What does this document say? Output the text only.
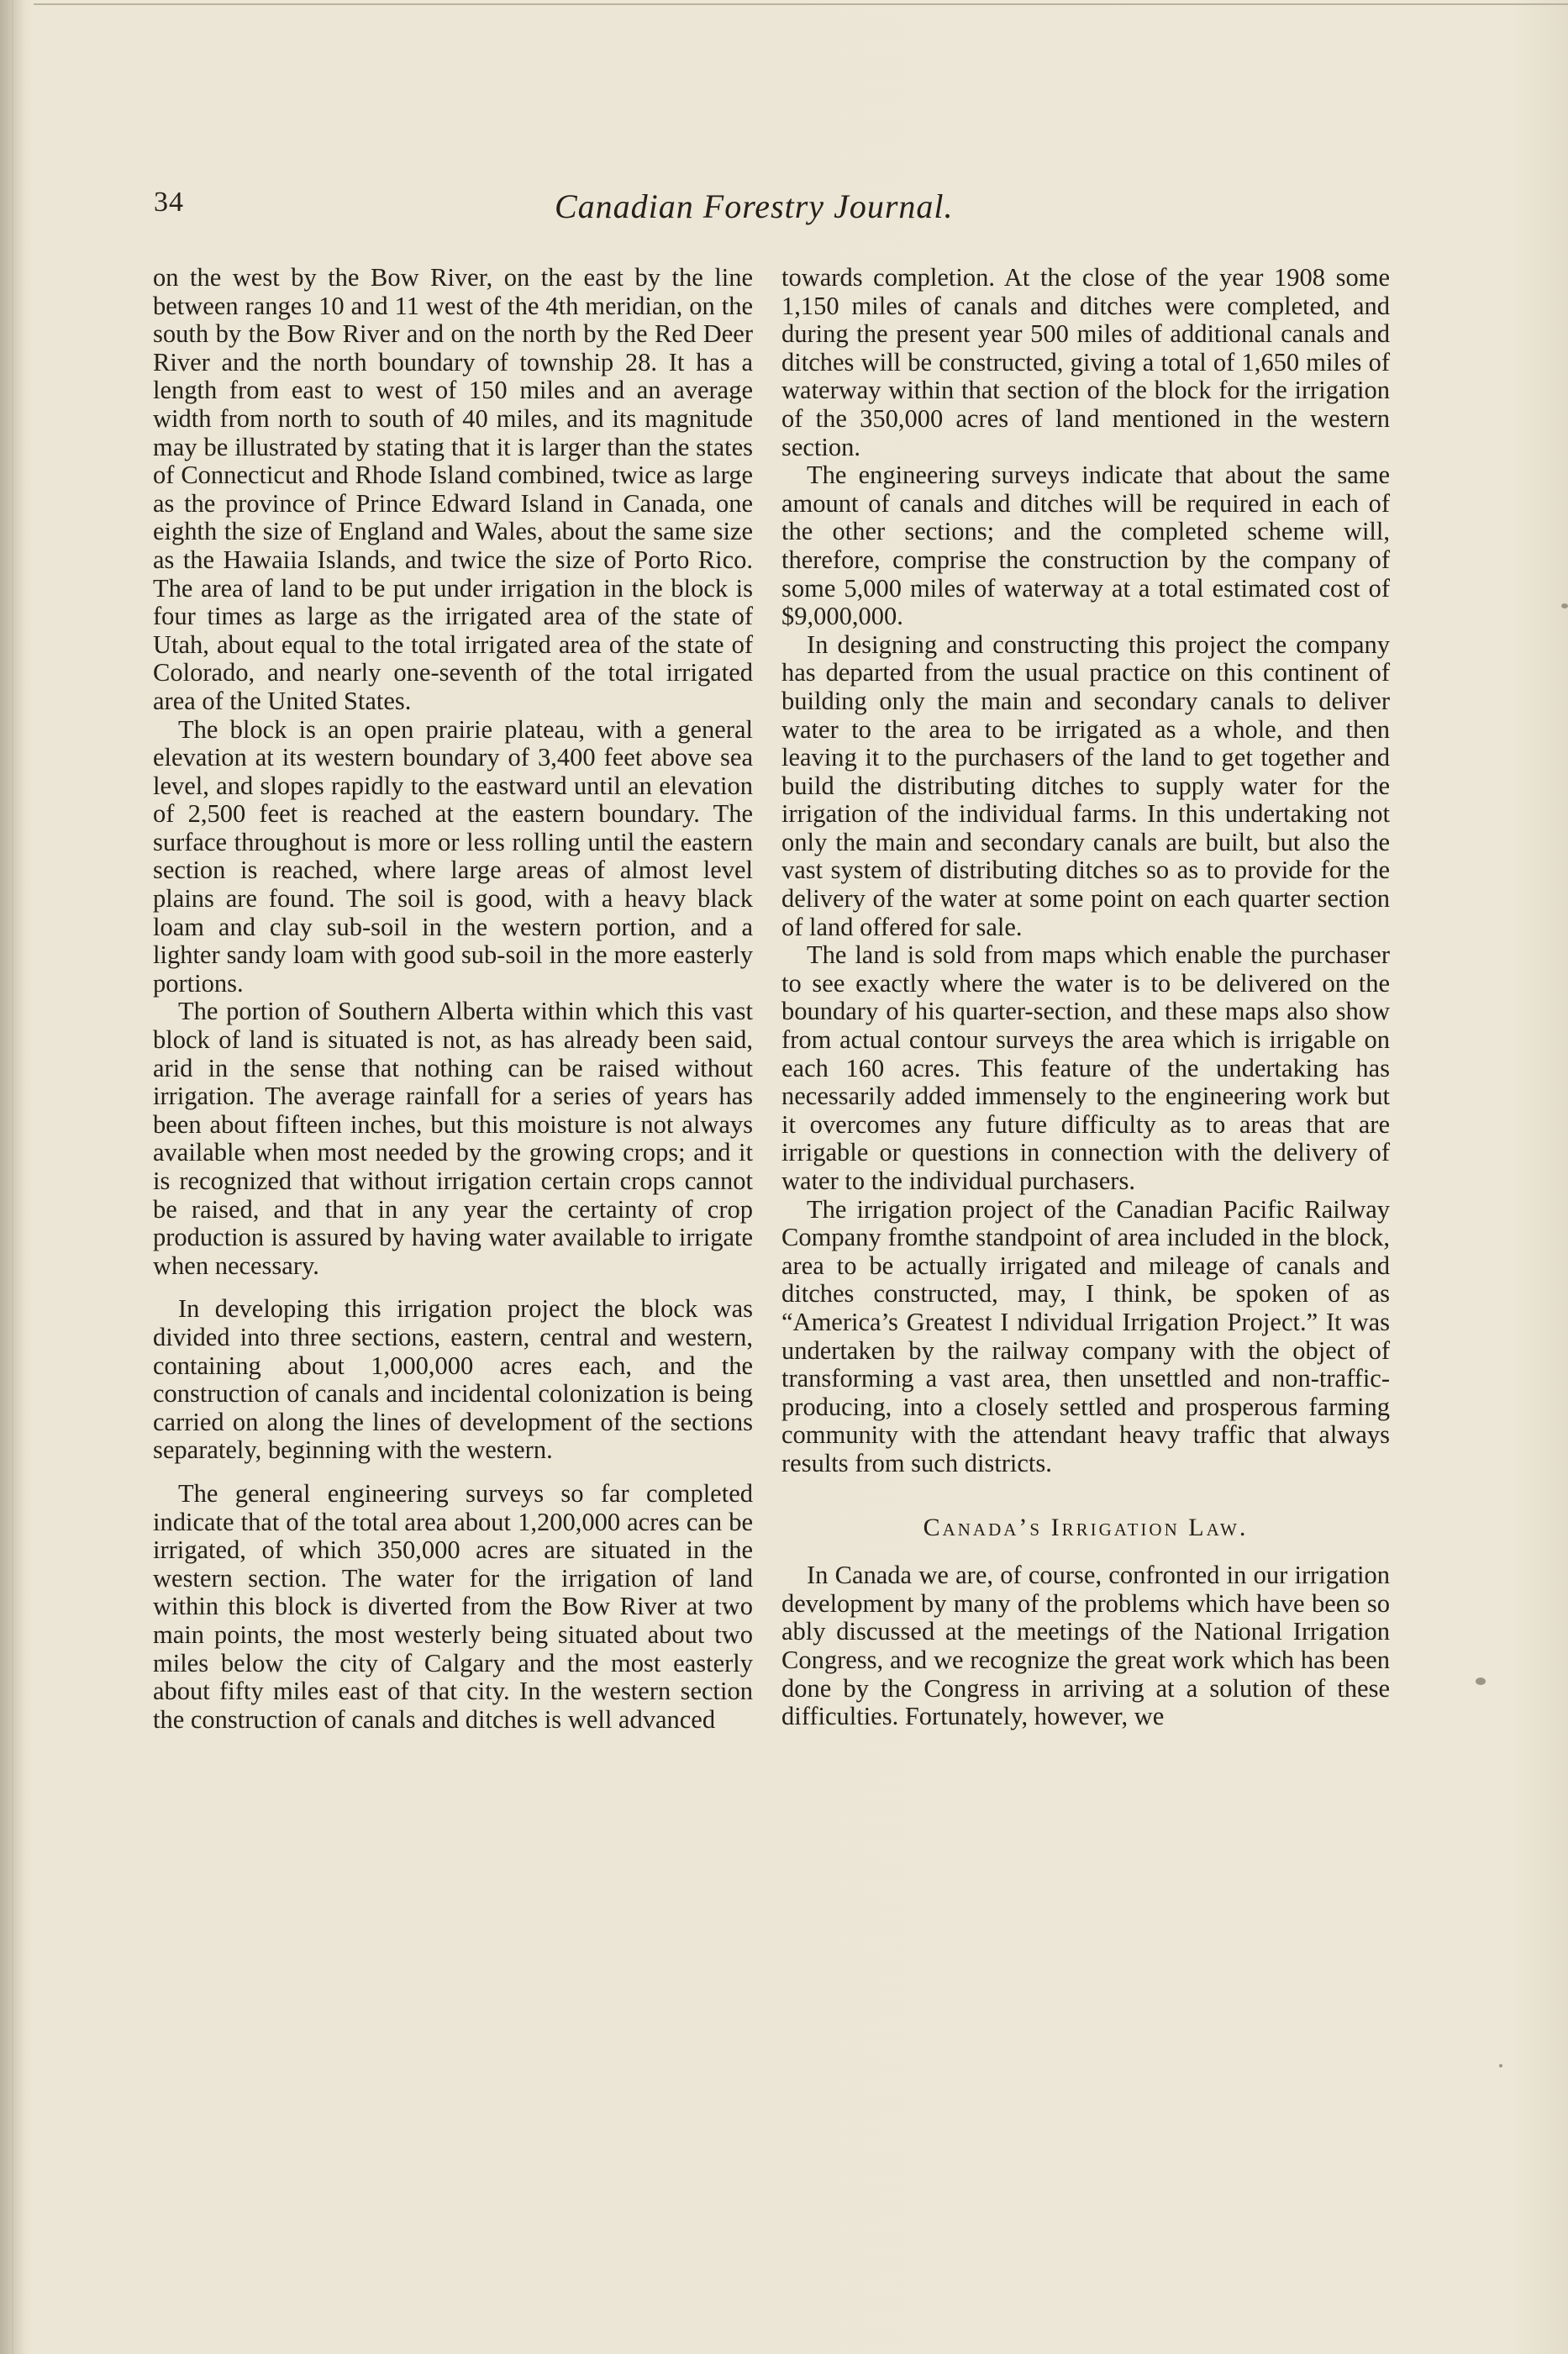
34	Canadian Forestry Journal.

on the west by the Bow River, on the east by the line between ranges 10 and 11 west of the 4th meridian, on the south by the Bow River and on the north by the Red Deer River and the north boundary of township 28. It has a length from east to west of 150 miles and an average width from north to south of 40 miles, and its magnitude may be illustrated by stating that it is larger than the states of Connecticut and Rhode Island combined, twice as large as the province of Prince Edward Island in Canada, one eighth the size of England and Wales, about the same size as the Hawaiia Islands, and twice the size of Porto Rico. The area of land to be put under irrigation in the block is four times as large as the irrigated area of the state of Utah, about equal to the total irrigated area of the state of Colorado, and nearly one-seventh of the total irrigated area of the United States.

The block is an open prairie plateau, with a general elevation at its western boundary of 3,400 feet above sea level, and slopes rapidly to the eastward until an elevation of 2,500 feet is reached at the eastern boundary. The surface throughout is more or less rolling until the eastern section is reached, where large areas of almost level plains are found. The soil is good, with a heavy black loam and clay sub-soil in the western portion, and a lighter sandy loam with good sub-soil in the more easterly portions.

The portion of Southern Alberta within which this vast block of land is situated is not, as has already been said, arid in the sense that nothing can be raised without irrigation. The average rainfall for a series of years has been about fifteen inches, but this moisture is not always available when most needed by the growing crops; and it is recognized that without irrigation certain crops cannot be raised, and that in any year the certainty of crop production is assured by having water available to irrigate when necessary.

In developing this irrigation project the block was divided into three sections, eastern, central and western, containing about 1,000,000 acres each, and the construction of canals and incidental colonization is being carried on along the lines of development of the sections separately, beginning with the western.

The general engineering surveys so far completed indicate that of the total area about 1,200,000 acres can be irrigated, of which 350,000 acres are situated in the western section. The water for the irrigation of land within this block is diverted from the Bow River at two main points, the most westerly being situated about two miles below the city of Calgary and the most easterly about fifty miles east of that city. In the western section the construction of canals and ditches is well advanced

towards completion. At the close of the year 1908 some 1,150 miles of canals and ditches were completed, and during the present year 500 miles of additional canals and ditches will be constructed, giving a total of 1,650 miles of waterway within that section of the block for the irrigation of the 350,000 acres of land mentioned in the western section.

The engineering surveys indicate that about the same amount of canals and ditches will be required in each of the other sections; and the completed scheme will, therefore, comprise the construction by the company of some 5,000 miles of waterway at a total estimated cost of $9,000,000.

In designing and constructing this project the company has departed from the usual practice on this continent of building only the main and secondary canals to deliver water to the area to be irrigated as a whole, and then leaving it to the purchasers of the land to get together and build the distributing ditches to supply water for the irrigation of the individual farms. In this undertaking not only the main and secondary canals are built, but also the vast system of distributing ditches so as to provide for the delivery of the water at some point on each quarter section of land offered for sale.

The land is sold from maps which enable the purchaser to see exactly where the water is to be delivered on the boundary of his quarter-section, and these maps also show from actual contour surveys the area which is irrigable on each 160 acres. This feature of the undertaking has necessarily added immensely to the engineering work but it overcomes any future difficulty as to areas that are irrigable or questions in connection with the delivery of water to the individual purchasers.

The irrigation project of the Canadian Pacific Railway Company fromthe standpoint of area included in the block, area to be actually irrigated and mileage of canals and ditches constructed, may, I think, be spoken of as “America’s Greatest I ndividual Irrigation Project.” It was undertaken by the railway company with the object of transforming a vast area, then unsettled and non-traffic-producing, into a closely settled and prosperous farming community with the attendant heavy traffic that always results from such districts.

Canada’s Irrigation Law.

In Canada we are, of course, confronted in our irrigation development by many of the problems which have been so ably discussed at the meetings of the National Irrigation Congress, and we recognize the great work which has been done by the Congress in arriving at a solution of these difficulties. Fortunately, however, we
